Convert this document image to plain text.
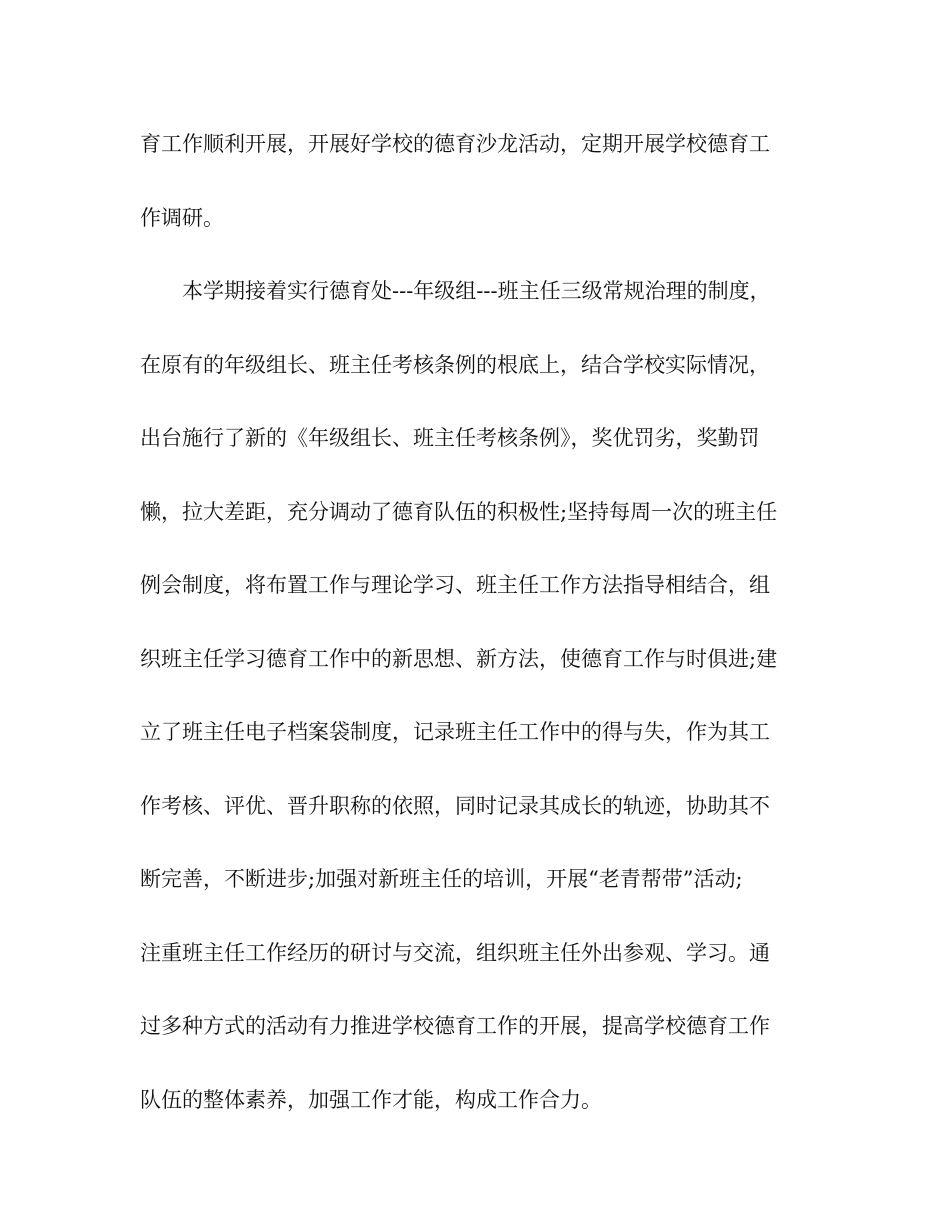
育工作顺利开展，开展好学校的德育沙龙活动，定期开展学校德育工
作调研。
本学期接着实行德育处---年级组---班主任三级常规治理的制度，
在原有的年级组长、班主任考核条例的根底上，结合学校实际情况，
出台施行了新的《年级组长、班主任考核条例》，奖优罚劣，奖勤罚
懒，拉大差距，充分调动了德育队伍的积极性;坚持每周一次的班主任
例会制度，将布置工作与理论学习、班主任工作方法指导相结合，组
织班主任学习德育工作中的新思想、新方法，使德育工作与时俱进;建
立了班主任电子档案袋制度，记录班主任工作中的得与失，作为其工
作考核、评优、晋升职称的依照，同时记录其成长的轨迹，协助其不
断完善，不断进步;加强对新班主任的培训，开展“老青帮带”活动;
注重班主任工作经历的研讨与交流，组织班主任外出参观、学习。通
过多种方式的活动有力推进学校德育工作的开展，提高学校德育工作
队伍的整体素养，加强工作才能，构成工作合力。
